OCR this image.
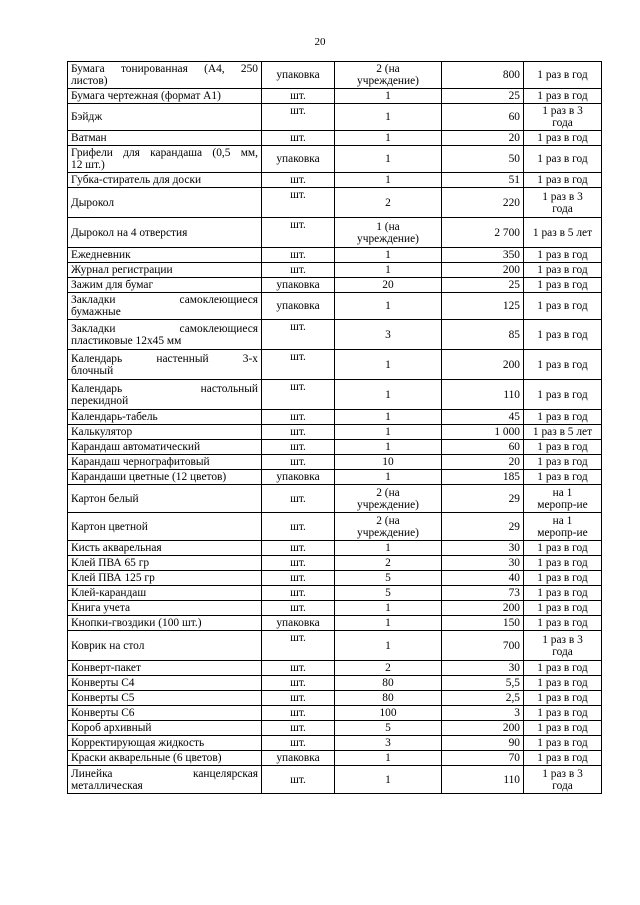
20
Бумага тонированная (А4, 250
листов)	упаковка	2 (на
учреждение)	800	1 раз в год

Бумага чертежная (формат А1)	шт.	1	25	1 раз в год

Бэйдж	шт.	1	60	1 раз в 3
года

Ватман	шт.	1	20	1 раз в год

Грифели для карандаша (0,5 мм,
12 шт.)	упаковка	1	50	1 раз в год

Губка-стиратель для доски	шт.	1	51	1 раз в год

Дырокол	шт.	2	220	1 раз в 3
года

Дырокол на 4 отверстия	шт.	1 (на
учреждение)	2 700	1 раз в 5 лет

Ежедневник	шт.	1	350	1 раз в год

Журнал регистрации	шт.	1	200	1 раз в год

Зажим для бумаг	упаковка	20	25	1 раз в год

Закладки самоклеющиеся
бумажные	упаковка	1	125	1 раз в год

Закладки самоклеющиеся
пластиковые 12х45 мм	шт.	3	85	1 раз в год

Календарь настенный 3-х
блочный	шт.	1	200	1 раз в год

Календарь настольный
перекидной	шт.	1	110	1 раз в год

Календарь-табель	шт.	1	45	1 раз в год

Калькулятор	шт.	1	1 000	1 раз в 5 лет

Карандаш автоматический	шт.	1	60	1 раз в год

Карандаш чернографитовый	шт.	10	20	1 раз в год

Карандаши цветные (12 цветов)	упаковка	1	185	1 раз в год

Картон белый	шт.	2 (на
учреждение)	29	на 1
меропр-ие

Картон цветной	шт.	2 (на
учреждение)	29	на 1
меропр-ие

Кисть акварельная	шт.	1	30	1 раз в год

Клей ПВА 65 гр	шт.	2	30	1 раз в год

Клей ПВА 125 гр	шт.	5	40	1 раз в год

Клей-карандаш	шт.	5	73	1 раз в год

Книга учета	шт.	1	200	1 раз в год

Кнопки-гвоздики (100 шт.)	упаковка	1	150	1 раз в год

Коврик на стол	шт.	1	700	1 раз в 3
года

Конверт-пакет	шт.	2	30	1 раз в год

Конверты С4	шт.	80	5,5	1 раз в год

Конверты С5	шт.	80	2,5	1 раз в год

Конверты С6	шт.	100	3	1 раз в год

Короб архивный	шт.	5	200	1 раз в год

Корректирующая жидкость	шт.	3	90	1 раз в год

Краски акварельные (6 цветов)	упаковка	1	70	1 раз в год

Линейка канцелярская
металлическая	шт.	1	110	1 раз в 3
года
